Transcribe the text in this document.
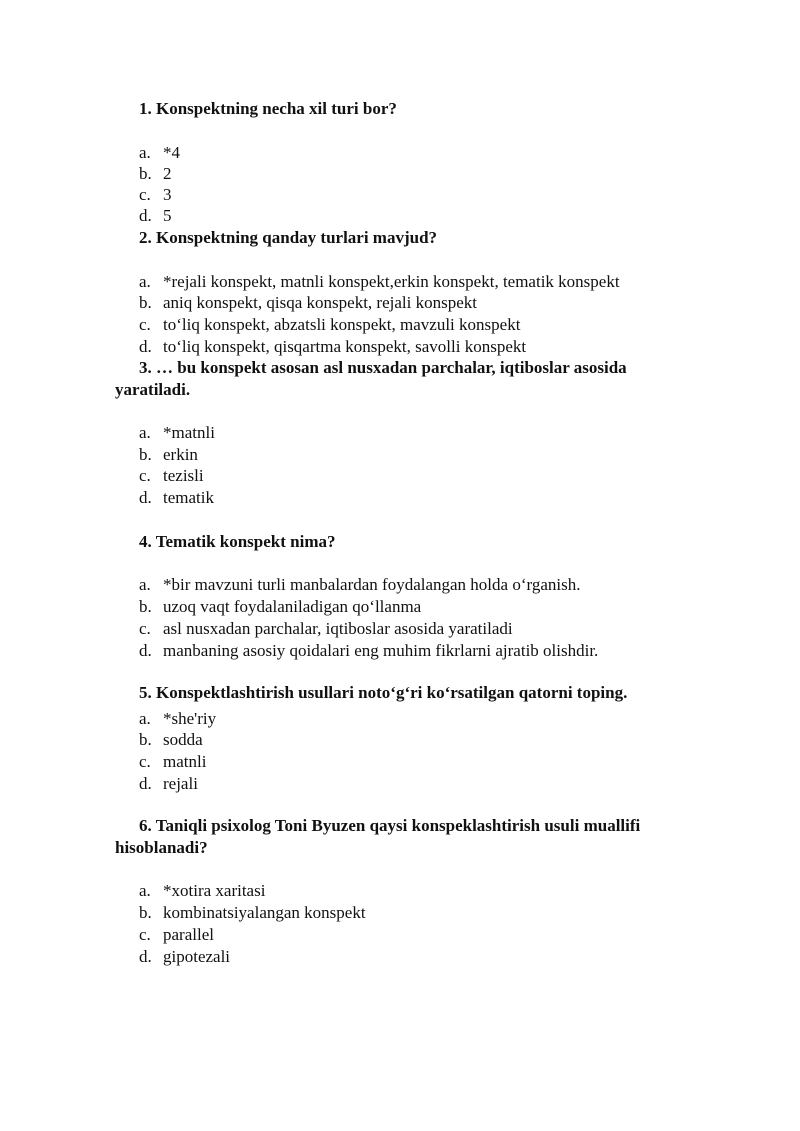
1. Konspektning necha xil turi bor?
a. *4
b. 2
c. 3
d. 5
2. Konspektning qanday turlari mavjud?
a. *rejali konspekt, matnli konspekt,erkin konspekt, tematik konspekt
b. aniq konspekt, qisqa konspekt, rejali konspekt
c. to‘liq konspekt, abzatsli konspekt, mavzuli konspekt
d. to‘liq konspekt, qisqartma konspekt, savolli konspekt
3. … bu konspekt asosan asl nusxadan parchalar, iqtiboslar asosida yaratiladi.
a. *matnli
b. erkin
c. tezisli
d. tematik
4. Tematik konspekt nima?
a. *bir mavzuni turli manbalardan foydalangan holda o‘rganish.
b. uzoq vaqt foydalaniladigan qo‘llanma
c. asl nusxadan parchalar, iqtiboslar asosida yaratiladi
d. manbaning asosiy qoidalari eng muhim fikrlarni ajratib olishdir.
5. Konspektlashtirish usullari noto‘g‘ri ko‘rsatilgan qatorni toping.
a. *she'riy
b. sodda
c. matnli
d. rejali
6. Taniqli psixolog Toni Byuzen qaysi konspeklashtirish usuli muallifi hisoblanadi?
a. *xotira xaritasi
b. kombinatsiyalangan konspekt
c. parallel
d. gipotezali
